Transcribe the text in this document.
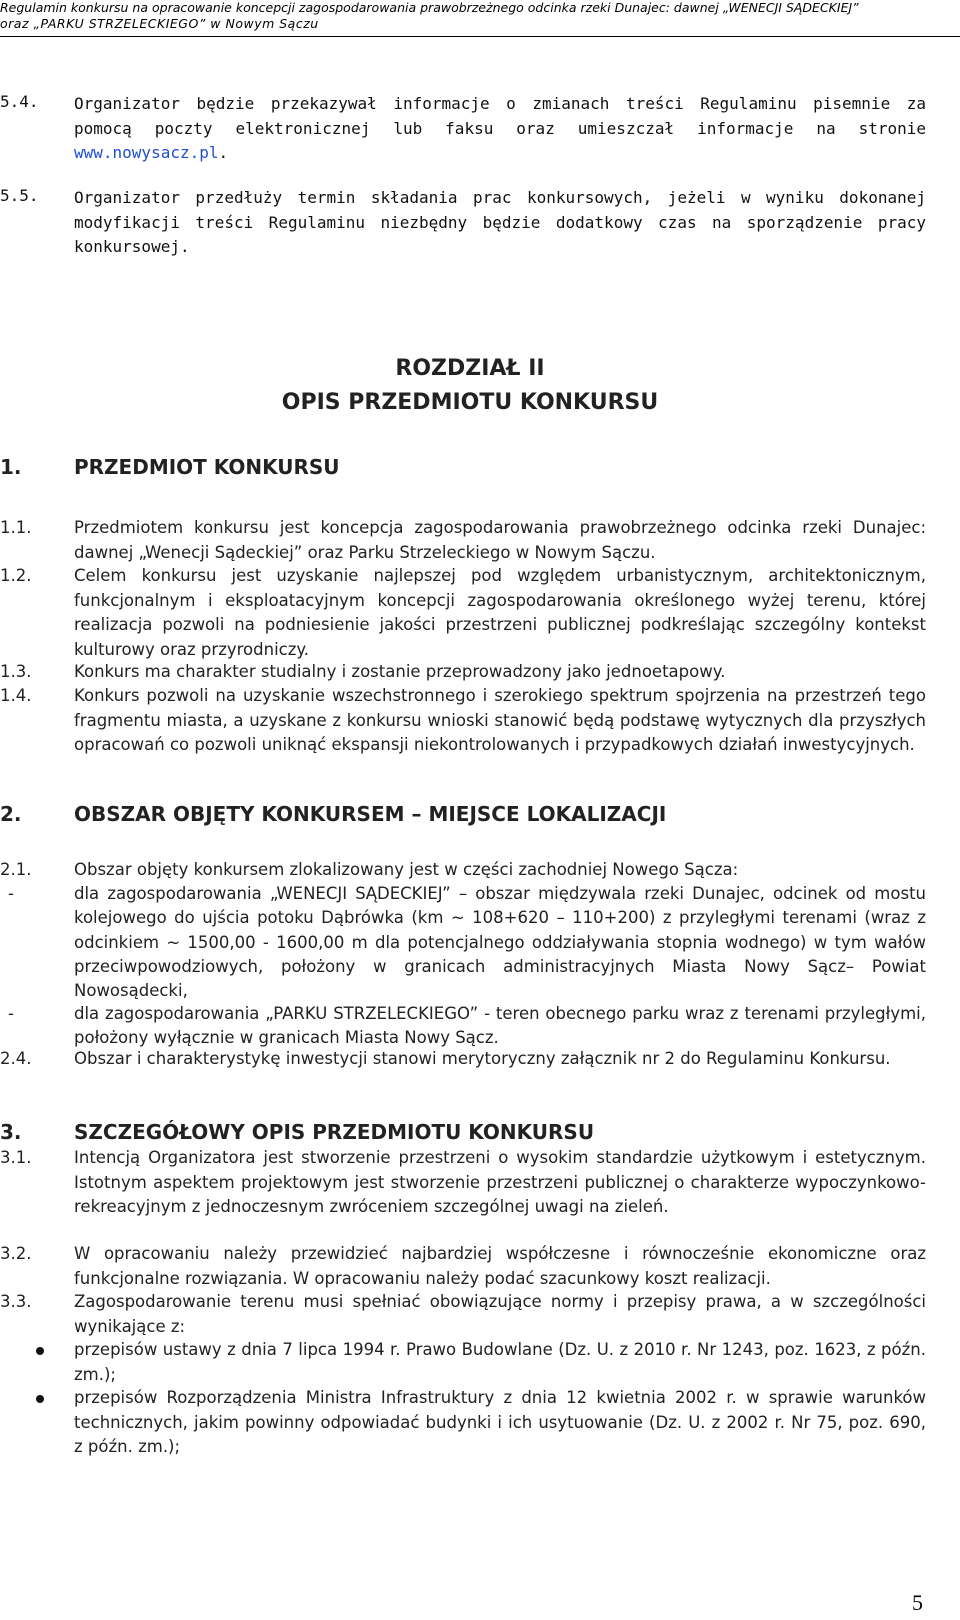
Regulamin konkursu na opracowanie koncepcji zagospodarowania prawobrzeżnego odcinka rzeki Dunajec: dawnej „WENECJI SĄDECKIEJ”
oraz „PARKU STRZELECKIEGO” w Nowym Sączu
5.4. Organizator będzie przekazywał informacje o zmianach treści Regulaminu pisemnie za pomocą poczty elektronicznej lub faksu oraz umieszczał informacje na stronie www.nowysacz.pl.
5.5. Organizator przedłuży termin składania prac konkursowych, jeżeli w wyniku dokonanej modyfikacji treści Regulaminu niezbędny będzie dodatkowy czas na sporządzenie pracy konkursowej.
ROZDZIAŁ II
OPIS PRZEDMIOTU KONKURSU
1.	PRZEDMIOT KONKURSU
1.1.	Przedmiotem konkursu jest koncepcja zagospodarowania prawobrzeżnego odcinka rzeki Dunajec: dawnej „Wenecji Sądeckiej” oraz Parku Strzeleckiego w Nowym Sączu.
1.2.	Celem konkursu jest uzyskanie najlepszej pod względem urbanistycznym, architektonicznym, funkcjonalnym i eksploatacyjnym koncepcji zagospodarowania określonego wyżej terenu, której realizacja pozwoli na podniesienie jakości przestrzeni publicznej podkreślając szczególny kontekst kulturowy oraz przyrodniczy.
1.3.	Konkurs ma charakter studialny i zostanie przeprowadzony jako jednoetapowy.
1.4.	Konkurs pozwoli na uzyskanie wszechstronnego i szerokiego spektrum spojrzenia na przestrzeń tego fragmentu miasta, a uzyskane z konkursu wnioski stanowić będą podstawę wytycznych dla przyszłych opracowań co pozwoli uniknąć ekspansji niekontrolowanych i przypadkowych działań inwestycyjnych.
2.	OBSZAR OBJĘTY KONKURSEM – MIEJSCE LOKALIZACJI
2.1.	Obszar objęty konkursem zlokalizowany jest w części zachodniej Nowego Sącza:
-	dla zagospodarowania „WENECJI SĄDECKIEJ” – obszar międzywala rzeki Dunajec, odcinek od mostu kolejowego do ujścia potoku Dąbrówka (km ~ 108+620 – 110+200) z przyległymi terenami (wraz z odcinkiem ~ 1500,00 - 1600,00 m dla potencjalnego oddziaływania stopnia wodnego) w tym wałów przeciwpowodziowych, położony w granicach administracyjnych Miasta Nowy Sącz– Powiat Nowosądecki,
-	dla zagospodarowania „PARKU STRZELECKIEGO” - teren obecnego parku wraz z terenami przyległymi, położony wyłącznie w granicach Miasta Nowy Sącz.
2.4.	Obszar i charakterystykę inwestycji stanowi merytoryczny załącznik nr 2 do Regulaminu Konkursu.
3.	SZCZEGÓŁOWY OPIS PRZEDMIOTU KONKURSU
3.1.	Intencją Organizatora jest stworzenie przestrzeni o wysokim standardzie użytkowym i estetycznym. Istotnym aspektem projektowym jest stworzenie przestrzeni publicznej o charakterze wypoczynkowo- rekreacyjnym z jednoczesnym zwróceniem szczególnej uwagi na zieleń.
3.2.	W opracowaniu należy przewidzieć najbardziej współczesne i równocześnie ekonomiczne oraz funkcjonalne rozwiązania. W opracowaniu należy podać szacunkowy koszt realizacji.
3.3.	Zagospodarowanie terenu musi spełniać obowiązujące normy i przepisy prawa, a w szczególności wynikające z:
przepisów ustawy z dnia 7 lipca 1994 r. Prawo Budowlane (Dz. U. z 2010 r. Nr 1243, poz. 1623, z późn. zm.);
przepisów Rozporządzenia Ministra Infrastruktury z dnia 12 kwietnia 2002 r. w sprawie warunków technicznych, jakim powinny odpowiadać budynki i ich usytuowanie (Dz. U. z 2002 r. Nr 75, poz. 690, z późn. zm.);
5
